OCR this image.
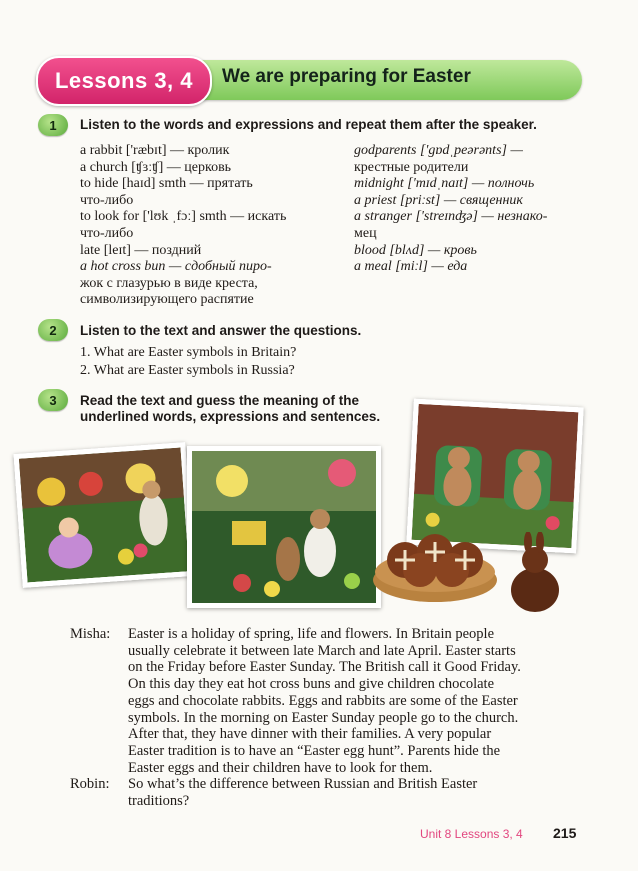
Lessons 3, 4	We are preparing for Easter
1	Listen to the words and expressions and repeat them after the speaker.
a rabbit ['ræbɪt] — кролик
a church [ʧɜːʧ] — церковь
to hide [haɪd] smth — прятать
что-либо
to look for ['lʊk ˌfɔː] smth — искать
что-либо
late [leɪt] — поздний
a hot cross bun — сдобный пиро-
жок с глазурью в виде креста,
символизирующего распятие
godparents ['gɒdˌpeərənts] —
крестные родители
midnight ['mɪdˌnaɪt] — полночь
a priest [priːst] — священник
a stranger ['streɪnʤə] — незнако-
мец
blood [blʌd] — кровь
a meal [miːl] — еда
2	Listen to the text and answer the questions.
1. What are Easter symbols in Britain?
2. What are Easter symbols in Russia?
3	Read the text and guess the meaning of the
underlined words, expressions and sentences.
Misha:	Easter is a holiday of spring, life and flowers. In Britain people
usually celebrate it between late March and late April. Easter starts
on the Friday before Easter Sunday. The British call it Good Friday.
On this day they eat hot cross buns and give children chocolate
eggs and chocolate rabbits. Eggs and rabbits are some of the Easter
symbols. In the morning on Easter Sunday people go to the church.
After that, they have dinner with their families. A very popular
Easter tradition is to have an “Easter egg hunt”. Parents hide the
Easter eggs and their children have to look for them.
Robin:	So what’s the difference between Russian and British Easter
traditions?
Unit 8 Lessons 3, 4 215
